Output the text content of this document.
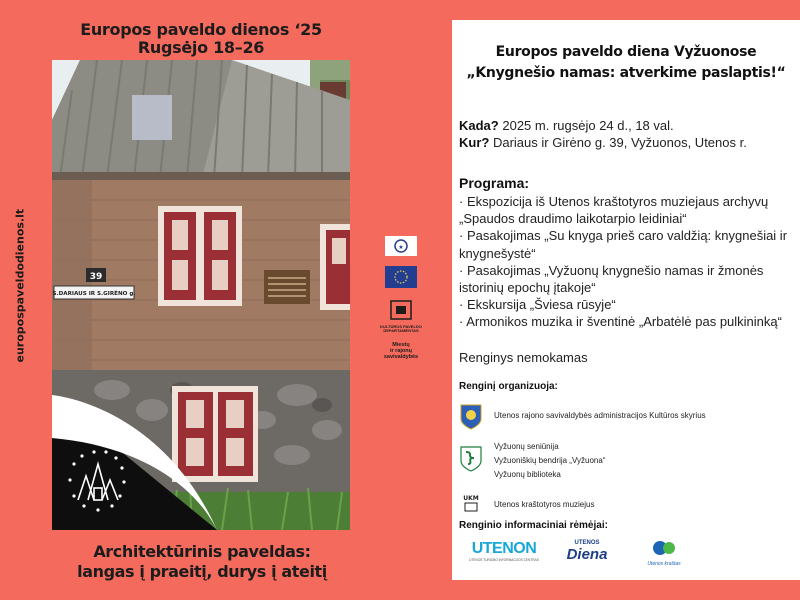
Europos paveldo dienos ‘25
Rugsėjo 18–26
europospaveldodienos.lt	39
S.DARIAUS IR S.GIRĖNO g.
Architektūrinis paveldas:
langas į praeitį, durys į ateitį
★
KULTŪROS PAVELDO DEPARTAMENTAS
Miestų
ir rajonų
savivaldybės
Europos paveldo diena Vyžuonose
„Knygnešio namas: atverkime paslaptis!“
Kada? 2025 m. rugsėjo 24 d., 18 val.
Kur? Dariaus ir Girėno g. 39, Vyžuonos, Utenos r.
Programa:
· Ekspozicija iš Utenos kraštotyros muziejaus archyvų
„Spaudos draudimo laikotarpio leidiniai“
· Pasakojimas „Su knyga prieš caro valdžią: knygnešiai ir
knygnešystė“
· Pasakojimas „Vyžuonų knygnešio namas ir žmonės
istorinių epochų įtakoje“
· Ekskursija „Šviesa rūsyje“
· Armonikos muzika ir šventinė „Arbatėlė pas pulkininką“
Renginys nemokamas
Renginį organizuoja:
Utenos rajono savivaldybės administracijos Kultūros skyrius
Vyžuonų seniūnija
Vyžuoniškių bendrija „Vyžuona“
Vyžuonų biblioteka
UKM
Utenos kraštotyros muziejus
Renginio informaciniai rėmėjai:
UTENON
UTENOS TURIZMO INFORMACIJOS CENTRAS
UTENOS
Diena
Utenos kraštas
